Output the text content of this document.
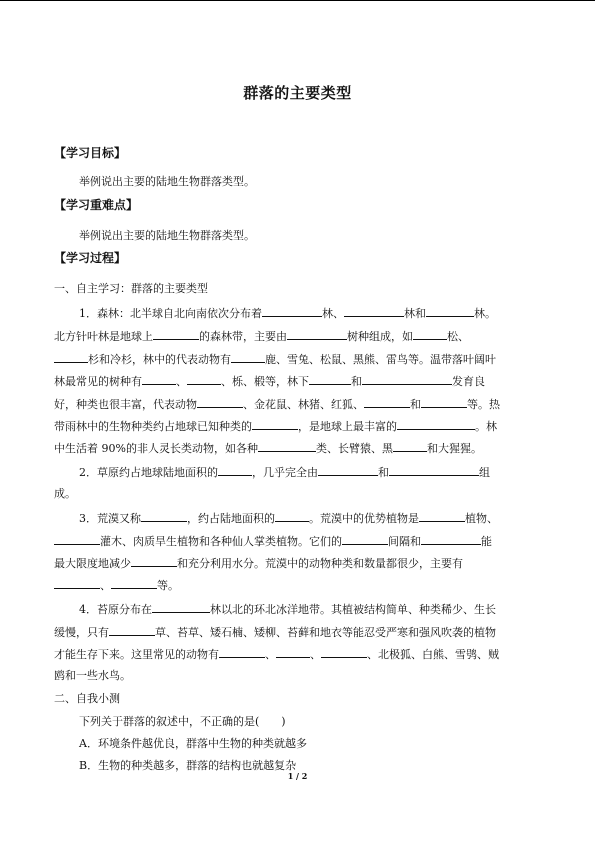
群落的主要类型
【学习目标】
举例说出主要的陆地生物群落类型。
【学习重难点】
举例说出主要的陆地生物群落类型。
【学习过程】
一、自主学习：群落的主要类型
1．森林：北半球自北向南依次分布着	林、	林和	林。
北方针叶林是地球上	的森林带，主要由	树种组成，如	松、
杉和冷杉，林中的代表动物有	鹿、雪兔、松鼠、黑熊、雷鸟等。温带落叶阔叶
林最常见的树种有	、	、栎、椴等，林下	和	发育良
好，种类也很丰富，代表动物	、金花鼠、林猪、红狐、	和	等。热
带雨林中的生物种类约占地球已知种类的	，是地球上最丰富的	。林
中生活着 90%的非人灵长类动物，如各种	类、长臂猿、黑	和大猩猩。
2．草原约占地球陆地面积的	，几乎完全由	和	组
成。
3．荒漠又称	，约占陆地面积的	。荒漠中的优势植物是	植物、
灌木、肉质旱生植物和各种仙人掌类植物。它们的	间隔和	能
最大限度地减少	和充分利用水分。荒漠中的动物种类和数量都很少，主要有
、	等。
4．苔原分布在	林以北的环北冰洋地带。其植被结构简单、种类稀少、生长
缓慢，只有	草、苔草、矮石楠、矮柳、苔藓和地衣等能忍受严寒和强风吹袭的植物
才能生存下来。这里常见的动物有	、	、	、北极狐、白熊、雪鸮、贼
鸥和一些水鸟。
二、自我小测
下列关于群落的叙述中，不正确的是(　　)
A．环境条件越优良，群落中生物的种类就越多
B．生物的种类越多，群落的结构也就越复杂
1 / 2
